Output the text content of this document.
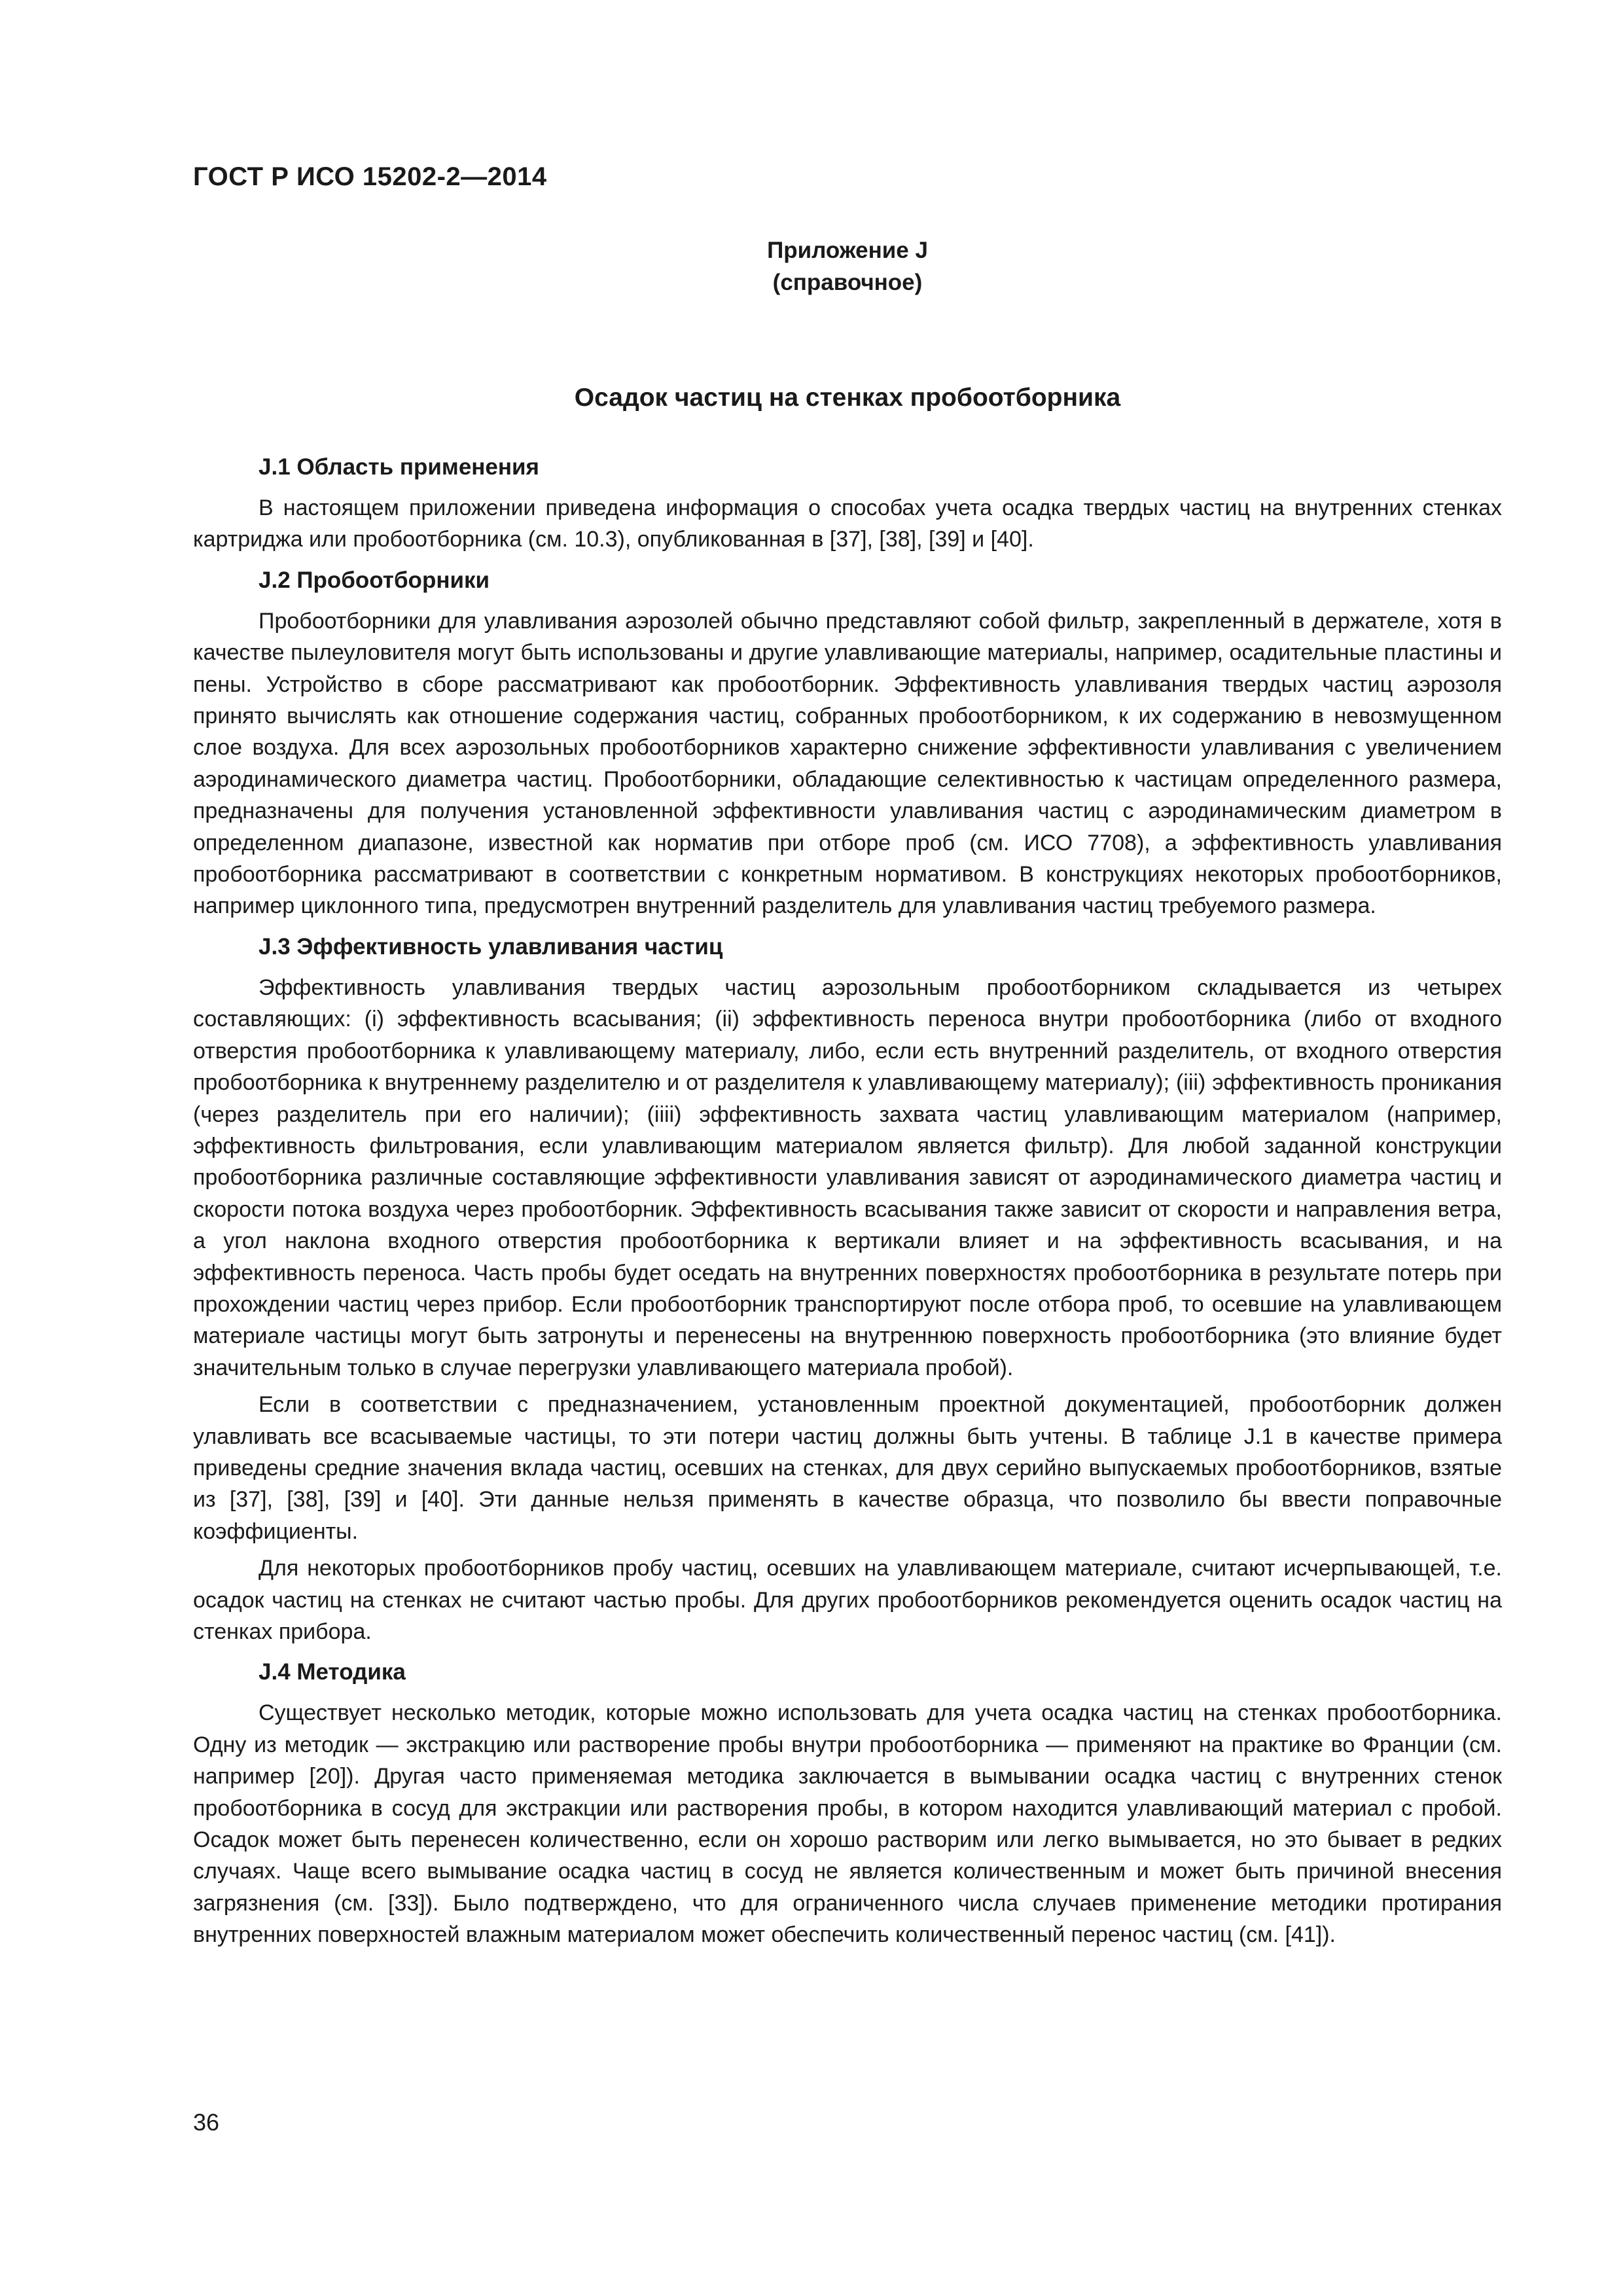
ГОСТ Р ИСО 15202-2—2014
Приложение J
(справочное)
Осадок частиц на стенках пробоотборника
J.1 Область применения

В настоящем приложении приведена информация о способах учета осадка твердых частиц на внутренних стенках картриджа или пробоотборника (см. 10.3), опубликованная в [37], [38], [39] и [40].

J.2 Пробоотборники

Пробоотборники для улавливания аэрозолей обычно представляют собой фильтр, закрепленный в держателе, хотя в качестве пылеуловителя могут быть использованы и другие улавливающие материалы, например, осадительные пластины и пены. Устройство в сборе рассматривают как пробоотборник. Эффективность улавливания твердых частиц аэрозоля принято вычислять как отношение содержания частиц, собранных пробоотборником, к их содержанию в невозмущенном слое воздуха. Для всех аэрозольных пробоотборников характерно снижение эффективности улавливания с увеличением аэродинамического диаметра частиц. Пробоотборники, обладающие селективностью к частицам определенного размера, предназначены для получения установленной эффективности улавливания частиц с аэродинамическим диаметром в определенном диапазоне, известной как норматив при отборе проб (см. ИСО 7708), а эффективность улавливания пробоотборника рассматривают в соответствии с конкретным нормативом. В конструкциях некоторых пробоотборников, например циклонного типа, предусмотрен внутренний разделитель для улавливания частиц требуемого размера.

J.3 Эффективность улавливания частиц

Эффективность улавливания твердых частиц аэрозольным пробоотборником складывается из четырех составляющих: (i) эффективность всасывания; (ii) эффективность переноса внутри пробоотборника (либо от входного отверстия пробоотборника к улавливающему материалу, либо, если есть внутренний разделитель, от входного отверстия пробоотборника к внутреннему разделителю и от разделителя к улавливающему материалу); (iii) эффективность проникания (через разделитель при его наличии); (iiii) эффективность захвата частиц улавливающим материалом (например, эффективность фильтрования, если улавливающим материалом является фильтр). Для любой заданной конструкции пробоотборника различные составляющие эффективности улавливания зависят от аэродинамического диаметра частиц и скорости потока воздуха через пробоотборник. Эффективность всасывания также зависит от скорости и направления ветра, а угол наклона входного отверстия пробоотборника к вертикали влияет и на эффективность всасывания, и на эффективность переноса. Часть пробы будет оседать на внутренних поверхностях пробоотборника в результате потерь при прохождении частиц через прибор. Если пробоотборник транспортируют после отбора проб, то осевшие на улавливающем материале частицы могут быть затронуты и перенесены на внутреннюю поверхность пробоотборника (это влияние будет значительным только в случае перегрузки улавливающего материала пробой).

Если в соответствии с предназначением, установленным проектной документацией, пробоотборник должен улавливать все всасываемые частицы, то эти потери частиц должны быть учтены. В таблице J.1 в качестве примера приведены средние значения вклада частиц, осевших на стенках, для двух серийно выпускаемых пробоотборников, взятые из [37], [38], [39] и [40]. Эти данные нельзя применять в качестве образца, что позволило бы ввести поправочные коэффициенты.

Для некоторых пробоотборников пробу частиц, осевших на улавливающем материале, считают исчерпывающей, т.е. осадок частиц на стенках не считают частью пробы. Для других пробоотборников рекомендуется оценить осадок частиц на стенках прибора.

J.4 Методика

Существует несколько методик, которые можно использовать для учета осадка частиц на стенках пробоотборника. Одну из методик — экстракцию или растворение пробы внутри пробоотборника — применяют на практике во Франции (см. например [20]). Другая часто применяемая методика заключается в вымывании осадка частиц с внутренних стенок пробоотборника в сосуд для экстракции или растворения пробы, в котором находится улавливающий материал с пробой. Осадок может быть перенесен количественно, если он хорошо растворим или легко вымывается, но это бывает в редких случаях. Чаще всего вымывание осадка частиц в сосуд не является количественным и может быть причиной внесения загрязнения (см. [33]). Было подтверждено, что для ограниченного числа случаев применение методики протирания внутренних поверхностей влажным материалом может обеспечить количественный перенос частиц (см. [41]).

36
